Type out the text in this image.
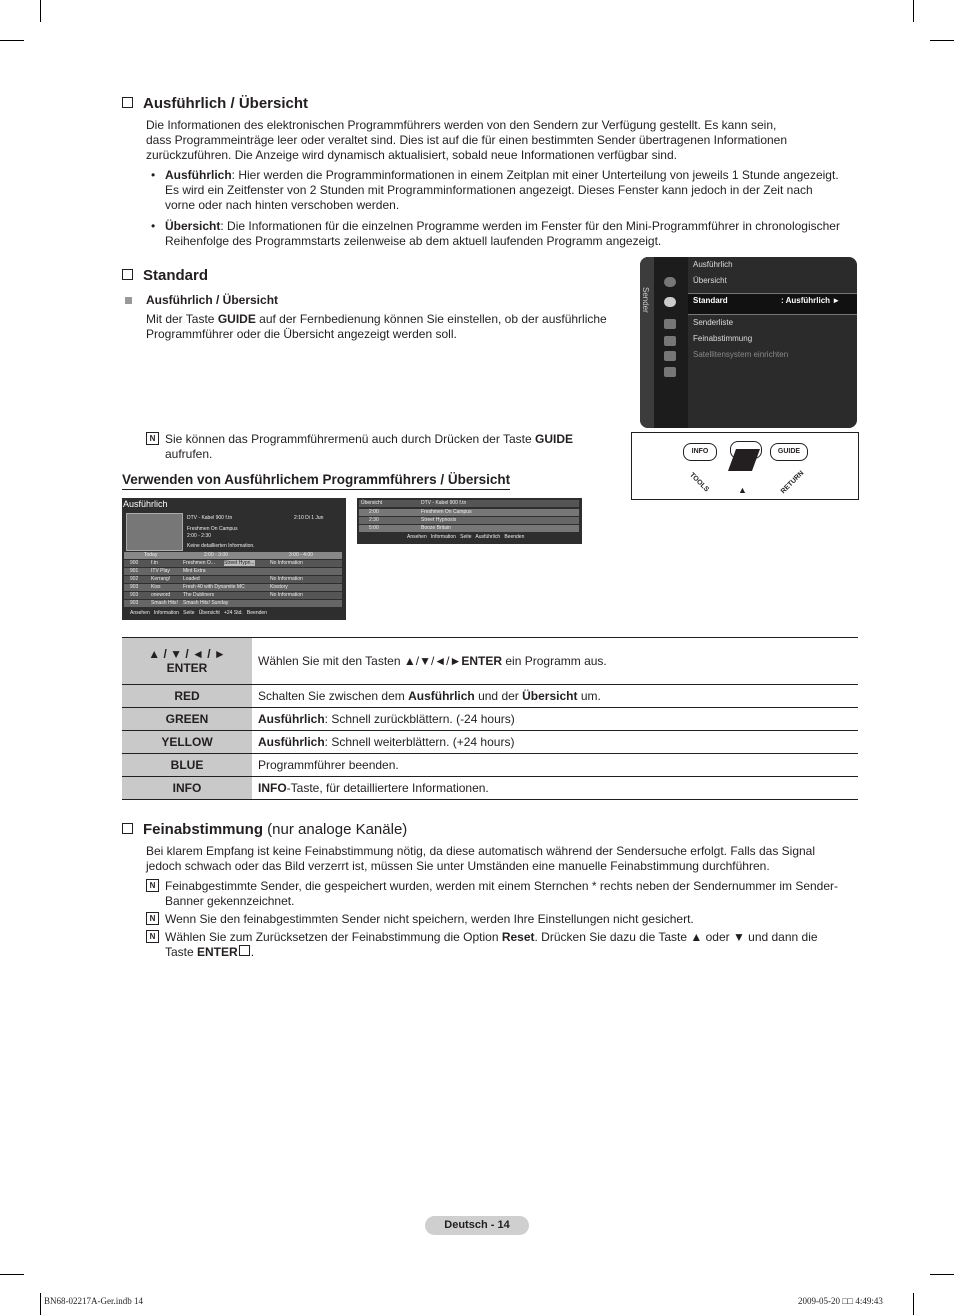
Ausführlich / Übersicht
Die Informationen des elektronischen Programmführers werden von den Sendern zur Verfügung gestellt. Es kann sein,
dass Programmeinträge leer oder veraltet sind. Dies ist auf die für einen bestimmten Sender übertragenen Informationen
zurückzuführen. Die Anzeige wird dynamisch aktualisiert, sobald neue Informationen verfügbar sind.
• Ausführlich: Hier werden die Programminformationen in einem Zeitplan mit einer Unterteilung von jeweils 1 Stunde angezeigt.
Es wird ein Zeitfenster von 2 Stunden mit Programminformationen angezeigt. Dieses Fenster kann jedoch in der Zeit nach
vorne oder nach hinten verschoben werden.
• Übersicht: Die Informationen für die einzelnen Programme werden im Fenster für den Mini-Programmführer in chronologischer
Reihenfolge des Programmstarts zeilenweise ab dem aktuell laufenden Programm angezeigt.
Standard
Ausführlich / Übersicht
Mit der Taste GUIDE auf der Fernbedienung können Sie einstellen, ob der ausführliche
Programmführer oder die Übersicht angezeigt werden soll.
Sender
Ausführlich
Übersicht
Standard	: Ausführlich ►
Senderliste
Feinabstimmung
Satellitensystem einrichten
N Sie können das Programmführermenü auch durch Drücken der Taste GUIDE
aufrufen.	INFO	GUIDE
TOOLS	RETURN
▲
Verwenden von Ausführlichem Programmführers / Übersicht
Ausführlich
DTV - Kabel 900 f.tn	2:10 Di 1 Jun
Freshmen On Campus
2:00 - 2:30
Keine detaillierten Information.
Today	2:00 - 3:00	3:00 - 4:00
900	f.tn	Freshmen O... Street Hypn...	No Information
901	ITV Play	Mint Extra
902	Kerrang!	Loaded	No Information
903	Kiss	Fresh 40 with Dynamite MC	Kisstory
903	oneword	The Dubliners	No Information
903	Smash Hits! Smash Hits! Sunday
Ansehen Information Seite Übersicht +24 Std. Beenden
Übersicht	DTV - Kabel 900 f.tn
2:00	Freshmen On Campus
2:30	Street Hypnosis
5:00	Booze Britain
Ansehen Information Seite Ausführlich Beenden
▲ / ▼ / ◄ / ►
ENTER	Wählen Sie mit den Tasten ▲/▼/◄/►ENTER ein Programm aus.
RED	Schalten Sie zwischen dem Ausführlich und der Übersicht um.
GREEN	Ausführlich: Schnell zurückblättern. (-24 hours)
YELLOW	Ausführlich: Schnell weiterblättern. (+24 hours)
BLUE	Programmführer beenden.
INFO	INFO-Taste, für detailliertere Informationen.
Feinabstimmung (nur analoge Kanäle)
Bei klarem Empfang ist keine Feinabstimmung nötig, da diese automatisch während der Sendersuche erfolgt. Falls das Signal
jedoch schwach oder das Bild verzerrt ist, müssen Sie unter Umständen eine manuelle Feinabstimmung durchführen.
N Feinabgestimmte Sender, die gespeichert wurden, werden mit einem Sternchen * rechts neben der Sendernummer im Sender-
Banner gekennzeichnet.
N Wenn Sie den feinabgestimmten Sender nicht speichern, werden Ihre Einstellungen nicht gesichert.
N Wählen Sie zum Zurücksetzen der Feinabstimmung die Option Reset. Drücken Sie dazu die Taste ▲ oder ▼ und dann die
Taste ENTER .
Deutsch - 14
BN68-02217A-Ger.indb 14	2009-05-20 □□ 4:49:43
